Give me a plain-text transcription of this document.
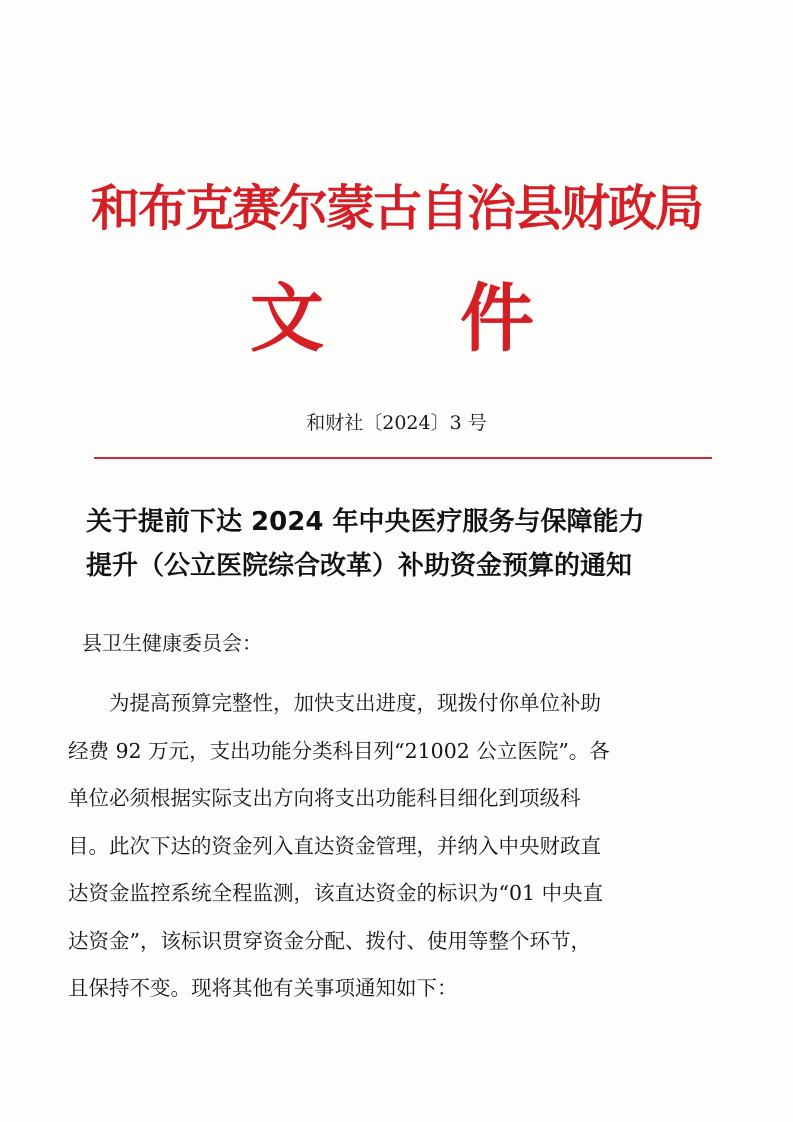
和布克赛尔蒙古自治县财政局
文 件
和财社〔2024〕3 号
关于提前下达 2024 年中央医疗服务与保障能力
提升（公立医院综合改革）补助资金预算的通知
县卫生健康委员会：
　　为提高预算完整性，加快支出进度，现拨付你单位补助
经费 92 万元，支出功能分类科目列“21002 公立医院”。各
单位必须根据实际支出方向将支出功能科目细化到项级科
目。此次下达的资金列入直达资金管理，并纳入中央财政直
达资金监控系统全程监测，该直达资金的标识为“01 中央直
达资金”，该标识贯穿资金分配、拨付、使用等整个环节，
且保持不变。现将其他有关事项通知如下：
